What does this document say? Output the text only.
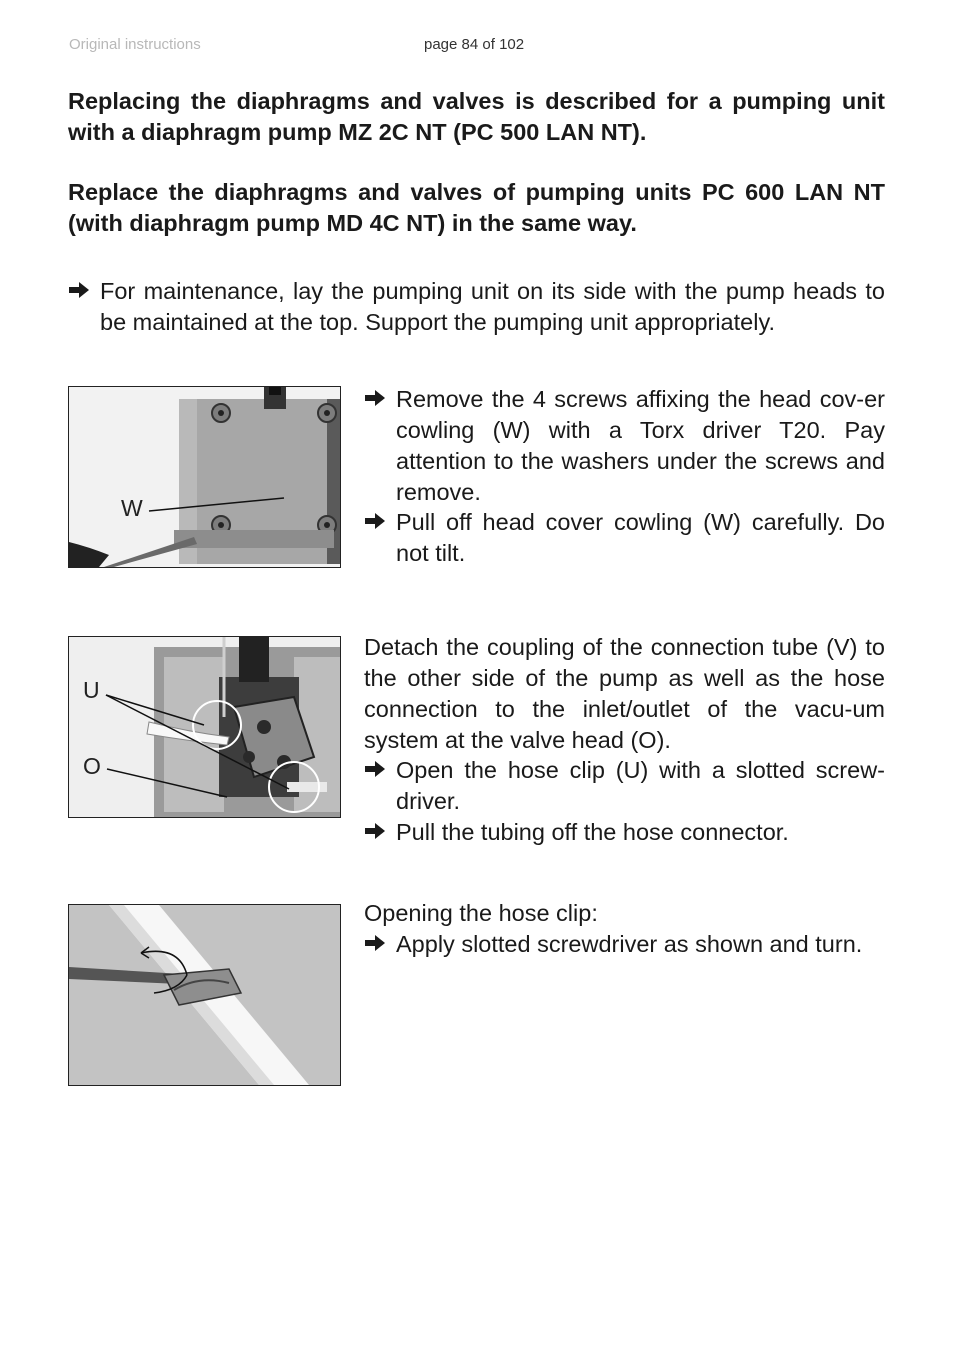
Original instructions	page 84 of 102
Replacing the diaphragms and valves is described for a pumping unit with a diaphragm pump MZ 2C NT (PC 500 LAN NT).
Replace the diaphragms and valves of pumping units PC 600 LAN NT (with diaphragm pump MD 4C NT) in the same way.
For maintenance, lay the pumping unit on its side with the pump heads to be maintained at the top. Support the pumping unit appropriately.
W
Remove the 4 screws affixing the head cov-er cowling (W) with a Torx driver T20. Pay attention to the washers under the screws and remove.
Pull off head cover cowling (W) carefully. Do not tilt.
U
O
Detach the coupling of the connection tube (V) to the other side of the pump as well as the hose connection to the inlet/outlet of the vacu-um system at the valve head (O).
Open the hose clip (U) with a slotted screw-driver.
Pull the tubing off the hose connector.
Opening the hose clip:
Apply slotted screwdriver as shown and turn.
